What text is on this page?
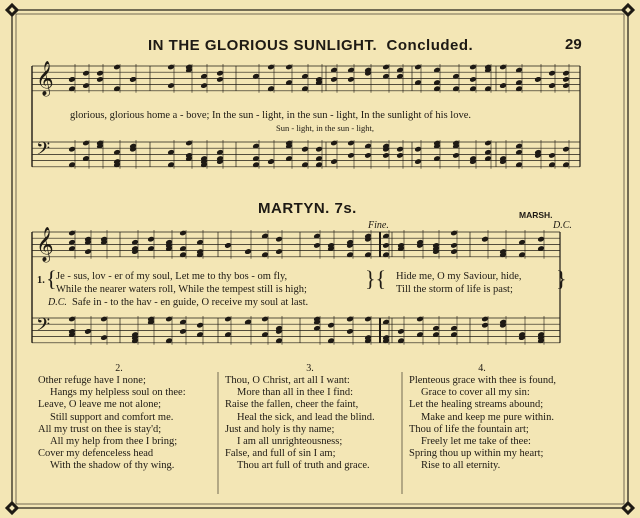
𝄞
𝄢
𝄞
𝄢
IN THE GLORIOUS SUNLIGHT. Concluded.	29
glorious, glorious home a - bove; In the sun - light, in the sun - light, In the sunlight of his love.
Sun - light, in the sun - light,
MARTYN. 7s.	MARSH.
Fine.	D.C.
1. { Je - sus, lov - er of my soul, Let me to thy bos - om fly,
While the nearer waters roll, While the tempest still is high;	}{
D.C. Safe in - to the hav - en guide, O receive my soul at last.
Hide me, O my Saviour, hide,
Till the storm of life is past; }
2.	3.	4.
Other refuge have I none;
Hangs my helpless soul on thee:
Leave, O leave me not alone;
Still support and comfort me.
All my trust on thee is stay'd;
All my help from thee I bring;
Cover my defenceless head
With the shadow of thy wing.
Thou, O Christ, art all I want:
More than all in thee I find:
Raise the fallen, cheer the faint,
Heal the sick, and lead the blind.
Just and holy is thy name;
I am all unrighteousness;
False, and full of sin I am;
Thou art full of truth and grace.
Plenteous grace with thee is found,
Grace to cover all my sin:
Let the healing streams abound;
Make and keep me pure within.
Thou of life the fountain art;
Freely let me take of thee:
Spring thou up within my heart;
Rise to all eternity.
